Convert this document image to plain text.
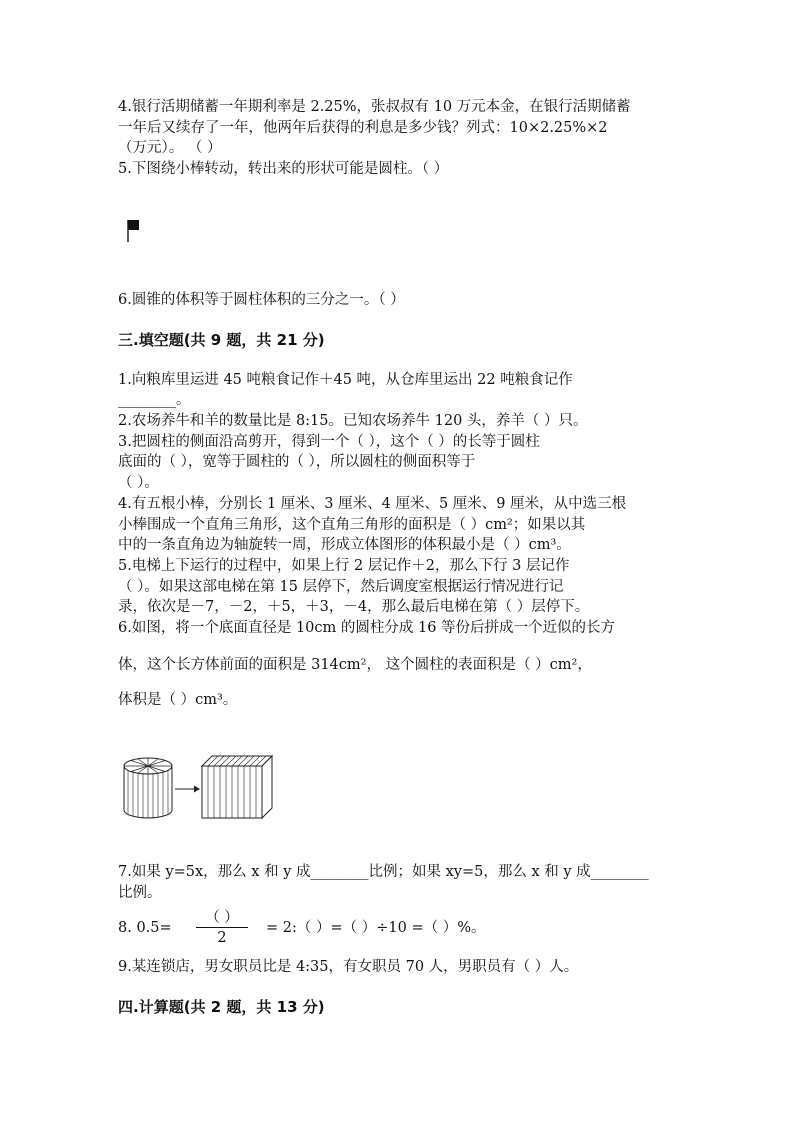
4.银行活期储蓄一年期利率是 2.25%，张叔叔有 10 万元本金，在银行活期储蓄
一年后又续存了一年，他两年后获得的利息是多少钱？列式：10×2.25%×2
（万元）。 （ ）
5.下图绕小棒转动，转出来的形状可能是圆柱。（ ）
6.圆锥的体积等于圆柱体积的三分之一。（ ）
三.填空题(共 9 题，共 21 分)
1.向粮库里运进 45 吨粮食记作＋45 吨，从仓库里运出 22 吨粮食记作
________。
2.农场养牛和羊的数量比是 8:15。已知农场养牛 120 头，养羊（ ）只。
3.把圆柱的侧面沿高剪开，得到一个（ ），这个（ ）的长等于圆柱
底面的（ ），宽等于圆柱的（ ），所以圆柱的侧面积等于
（ ）。
4.有五根小棒，分别长 1 厘米、3 厘米、4 厘米、5 厘米、9 厘米，从中选三根
小棒围成一个直角三角形，这个直角三角形的面积是（ ）cm²；如果以其
中的一条直角边为轴旋转一周，形成立体图形的体积最小是（ ）cm³。
5.电梯上下运行的过程中，如果上行 2 层记作＋2，那么下行 3 层记作
（ ）。如果这部电梯在第 15 层停下，然后调度室根据运行情况进行记
录，依次是－7，－2，＋5，＋3，－4，那么最后电梯在第（ ）层停下。
6.如图，将一个底面直径是 10cm 的圆柱分成 16 等份后拼成一个近似的长方
体，这个长方体前面的面积是 314cm²， 这个圆柱的表面积是（ ）cm²，
体积是（ ）cm³。
7.如果 y=5x，那么 x 和 y 成________比例；如果 xy=5，那么 x 和 y 成________
比例。
8. 0.5=
（ ）
2
= 2:（ ）=（ ）÷10 =（ ）%。
9.某连锁店，男女职员比是 4:35，有女职员 70 人，男职员有（ ）人。
四.计算题(共 2 题，共 13 分)
